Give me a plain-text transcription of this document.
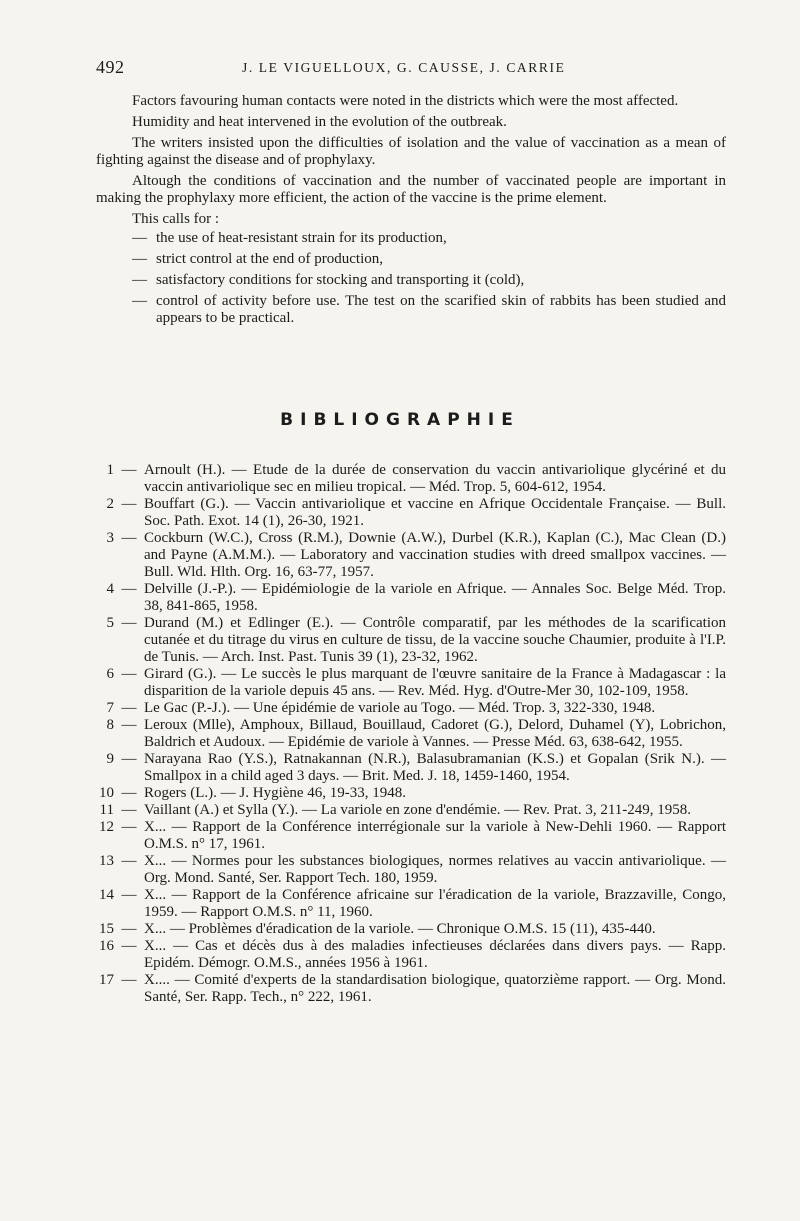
492	J. LE VIGUELLOUX, G. CAUSSE, J. CARRIE

Factors favouring human contacts were noted in the districts which were the most affected.

Humidity and heat intervened in the evolution of the outbreak.

The writers insisted upon the difficulties of isolation and the value of vaccination as a mean of fighting against the disease and of prophylaxy.

Altough the conditions of vaccination and the number of vaccinated people are important in making the prophylaxy more efficient, the action of the vaccine is the prime element.

This calls for :

— the use of heat-resistant strain for its production,
— strict control at the end of production,
— satisfactory conditions for stocking and transporting it (cold),
— control of activity before use. The test on the scarified skin of rabbits has been studied and appears to be practical.
BIBLIOGRAPHIE
1 — Arnoult (H.). — Etude de la durée de conservation du vaccin antivariolique glycériné et du vaccin antivariolique sec en milieu tropical. — Méd. Trop. 5, 604-612, 1954.
2 — Bouffart (G.). — Vaccin antivariolique et vaccine en Afrique Occidentale Française. — Bull. Soc. Path. Exot. 14 (1), 26-30, 1921.
3 — Cockburn (W.C.), Cross (R.M.), Downie (A.W.), Durbel (K.R.), Kaplan (C.), Mac Clean (D.) and Payne (A.M.M.). — Laboratory and vaccination studies with dreed smallpox vaccines. — Bull. Wld. Hlth. Org. 16, 63-77, 1957.
4 — Delville (J.-P.). — Epidémiologie de la variole en Afrique. — Annales Soc. Belge Méd. Trop. 38, 841-865, 1958.
5 — Durand (M.) et Edlinger (E.). — Contrôle comparatif, par les méthodes de la scarification cutanée et du titrage du virus en culture de tissu, de la vaccine souche Chaumier, produite à l'I.P. de Tunis. — Arch. Inst. Past. Tunis 39 (1), 23-32, 1962.
6 — Girard (G.). — Le succès le plus marquant de l'œuvre sanitaire de la France à Madagascar : la disparition de la variole depuis 45 ans. — Rev. Méd. Hyg. d'Outre-Mer 30, 102-109, 1958.
7 — Le Gac (P.-J.). — Une épidémie de variole au Togo. — Méd. Trop. 3, 322-330, 1948.
8 — Leroux (Mlle), Amphoux, Billaud, Bouillaud, Cadoret (G.), Delord, Duhamel (Y), Lobrichon, Baldrich et Audoux. — Epidémie de variole à Vannes. — Presse Méd. 63, 638-642, 1955.
9 — Narayana Rao (Y.S.), Ratnakannan (N.R.), Balasubramanian (K.S.) et Gopalan (Srik N.). — Smallpox in a child aged 3 days. — Brit. Med. J. 18, 1459-1460, 1954.
10 — Rogers (L.). — J. Hygiène 46, 19-33, 1948.
11 — Vaillant (A.) et Sylla (Y.). — La variole en zone d'endémie. — Rev. Prat. 3, 211-249, 1958.
12 — X... — Rapport de la Conférence interrégionale sur la variole à New-Dehli 1960. — Rapport O.M.S. n° 17, 1961.
13 — X... — Normes pour les substances biologiques, normes relatives au vaccin antivariolique. — Org. Mond. Santé, Ser. Rapport Tech. 180, 1959.
14 — X... — Rapport de la Conférence africaine sur l'éradication de la variole, Brazzaville, Congo, 1959. — Rapport O.M.S. n° 11, 1960.
15 — X... — Problèmes d'éradication de la variole. — Chronique O.M.S. 15 (11), 435-440.
16 — X... — Cas et décès dus à des maladies infectieuses déclarées dans divers pays. — Rapp. Epidém. Démogr. O.M.S., années 1956 à 1961.
17 — X.... — Comité d'experts de la standardisation biologique, quatorzième rapport. — Org. Mond. Santé, Ser. Rapp. Tech., n° 222, 1961.
